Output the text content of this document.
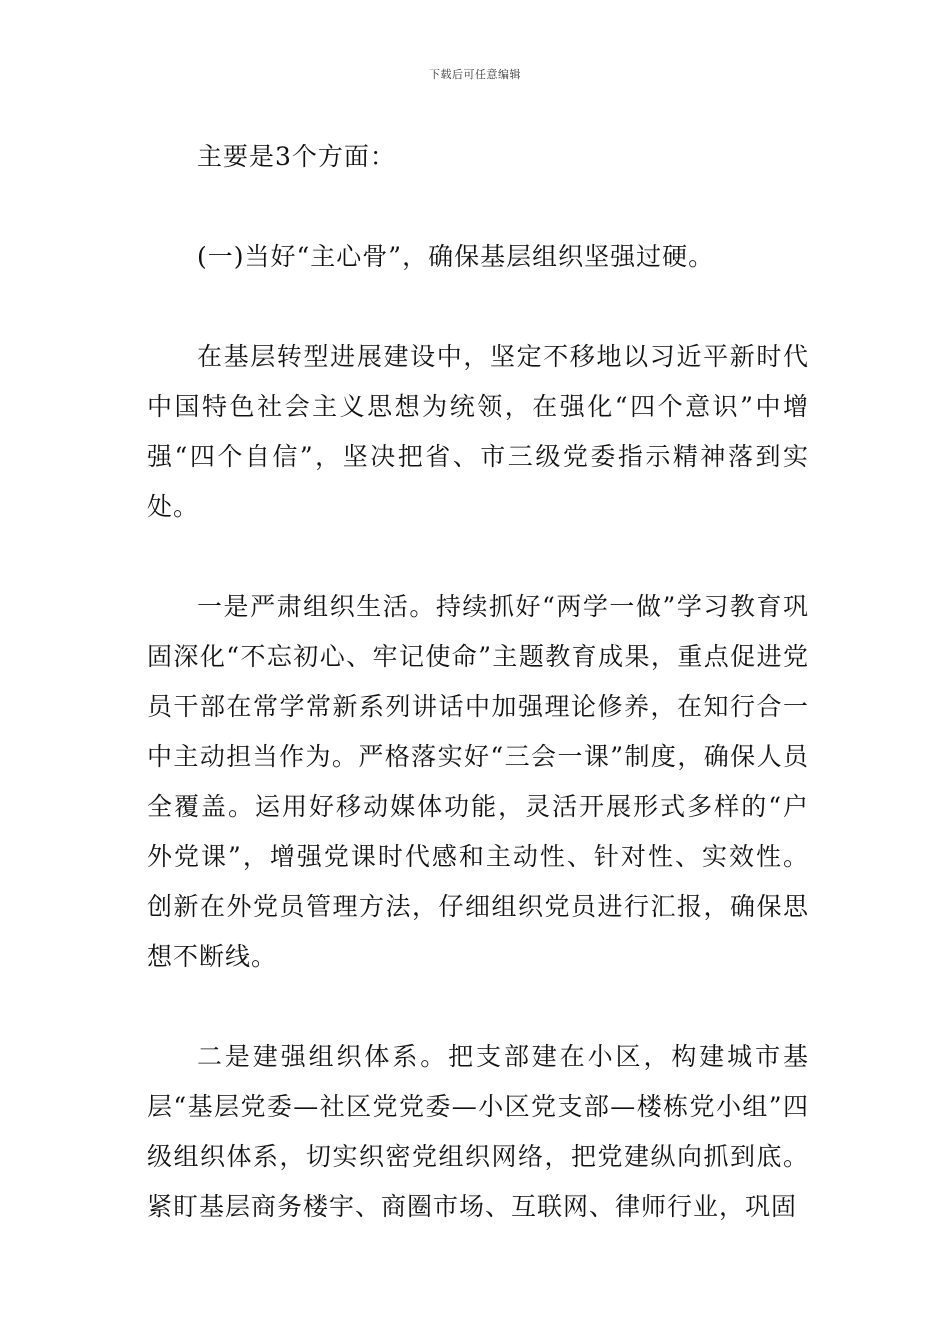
下载后可任意编辑

主要是3个方面：

(一)当好“主心骨”，确保基层组织坚强过硬。

在基层转型进展建设中，坚定不移地以习近平新时代中国特色社会主义思想为统领，在强化“四个意识”中增强“四个自信”，坚决把省、市三级党委指示精神落到实处。

一是严肃组织生活。持续抓好“两学一做”学习教育巩固深化“不忘初心、牢记使命”主题教育成果，重点促进党员干部在常学常新系列讲话中加强理论修养，在知行合一中主动担当作为。严格落实好“三会一课”制度，确保人员全覆盖。运用好移动媒体功能，灵活开展形式多样的“户外党课”，增强党课时代感和主动性、针对性、实效性。创新在外党员管理方法，仔细组织党员进行汇报，确保思想不断线。

二是建强组织体系。把支部建在小区，构建城市基层“基层党委—社区党党委—小区党支部—楼栋党小组”四级组织体系，切实织密党组织网络，把党建纵向抓到底。紧盯基层商务楼宇、商圈市场、互联网、律师行业，巩固
